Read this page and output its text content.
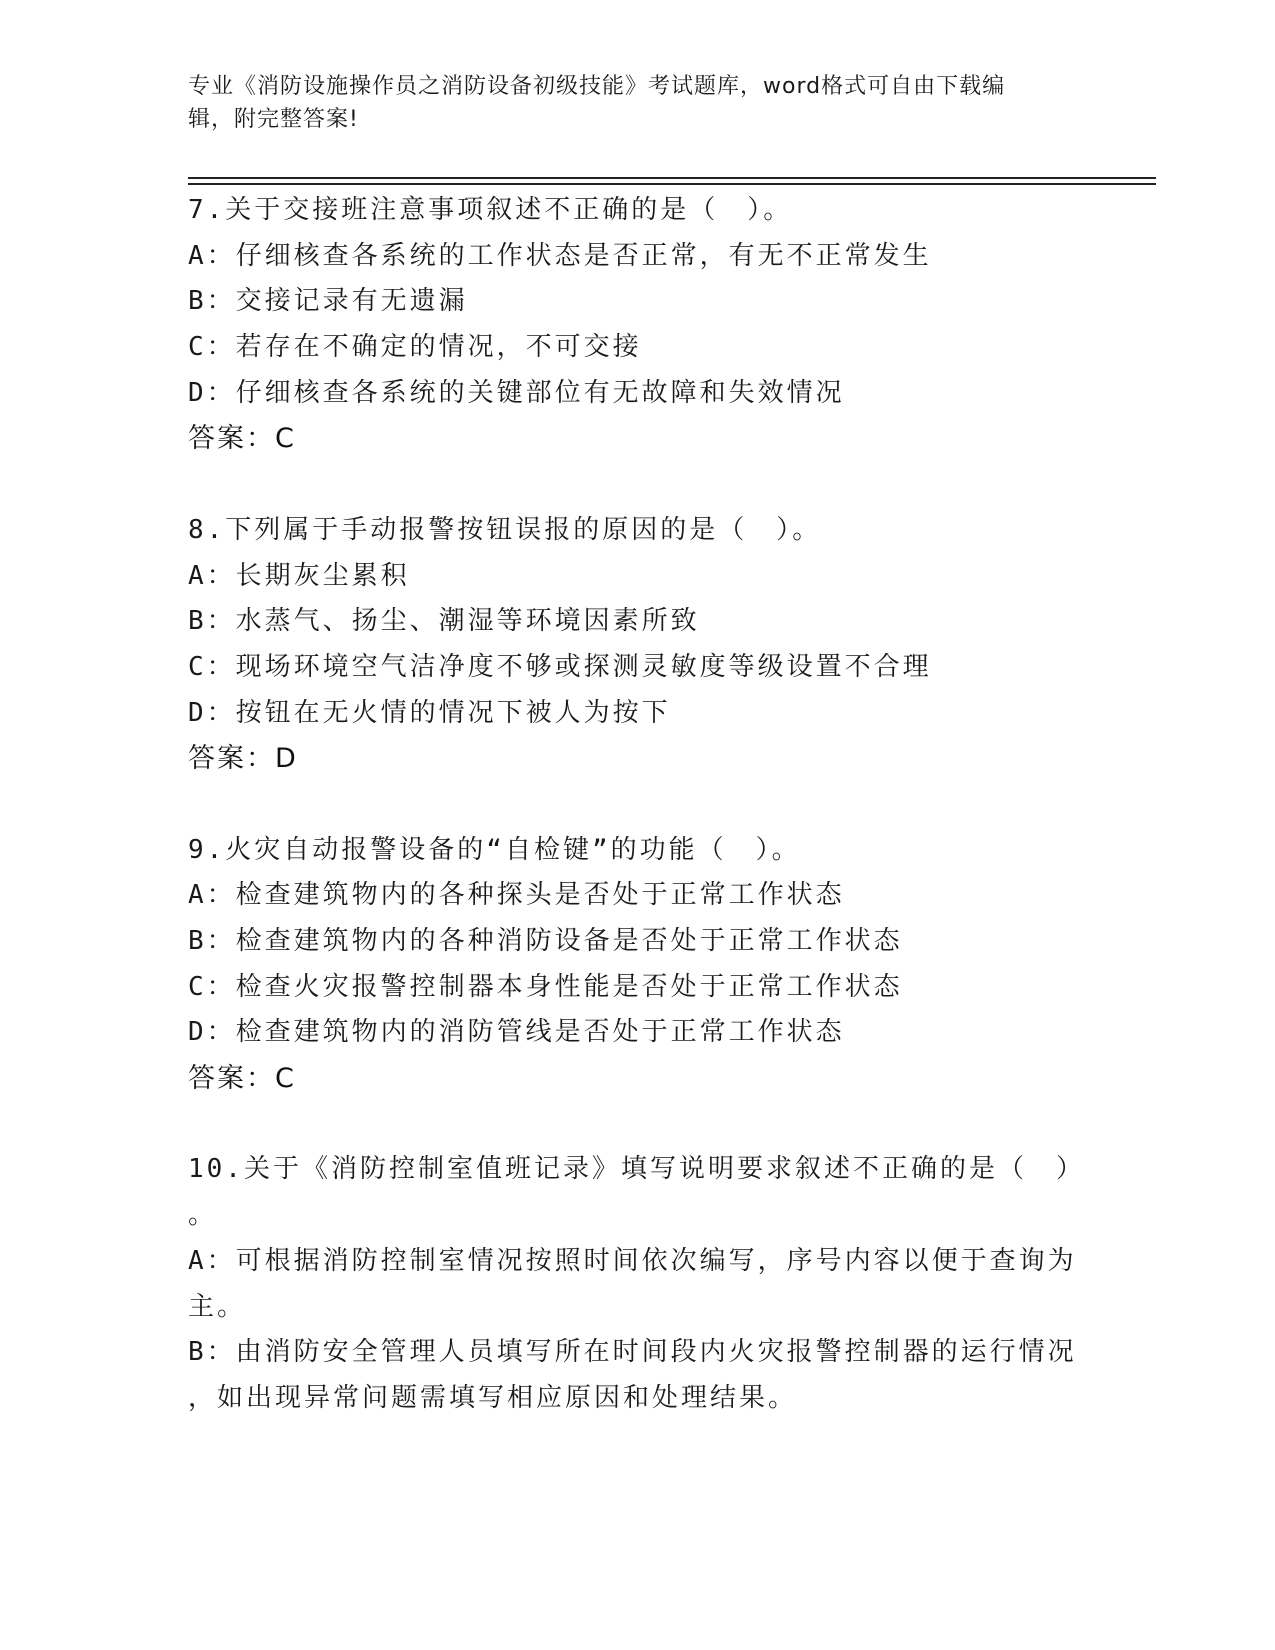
专业《消防设施操作员之消防设备初级技能》考试题库，word格式可自由下载编
辑，附完整答案!
7.关于交接班注意事项叙述不正确的是（　）。
A：仔细核查各系统的工作状态是否正常，有无不正常发生
B：交接记录有无遗漏
C：若存在不确定的情况，不可交接
D：仔细核查各系统的关键部位有无故障和失效情况
答案：C
8.下列属于手动报警按钮误报的原因的是（　）。
A：长期灰尘累积
B：水蒸气、扬尘、潮湿等环境因素所致
C：现场环境空气洁净度不够或探测灵敏度等级设置不合理
D：按钮在无火情的情况下被人为按下
答案：D
9.火灾自动报警设备的“自检键”的功能（　）。
A：检查建筑物内的各种探头是否处于正常工作状态
B：检查建筑物内的各种消防设备是否处于正常工作状态
C：检查火灾报警控制器本身性能是否处于正常工作状态
D：检查建筑物内的消防管线是否处于正常工作状态
答案：C
10.关于《消防控制室值班记录》填写说明要求叙述不正确的是（　）
。
A：可根据消防控制室情况按照时间依次编写，序号内容以便于查询为
主。
B：由消防安全管理人员填写所在时间段内火灾报警控制器的运行情况
，如出现异常问题需填写相应原因和处理结果。
